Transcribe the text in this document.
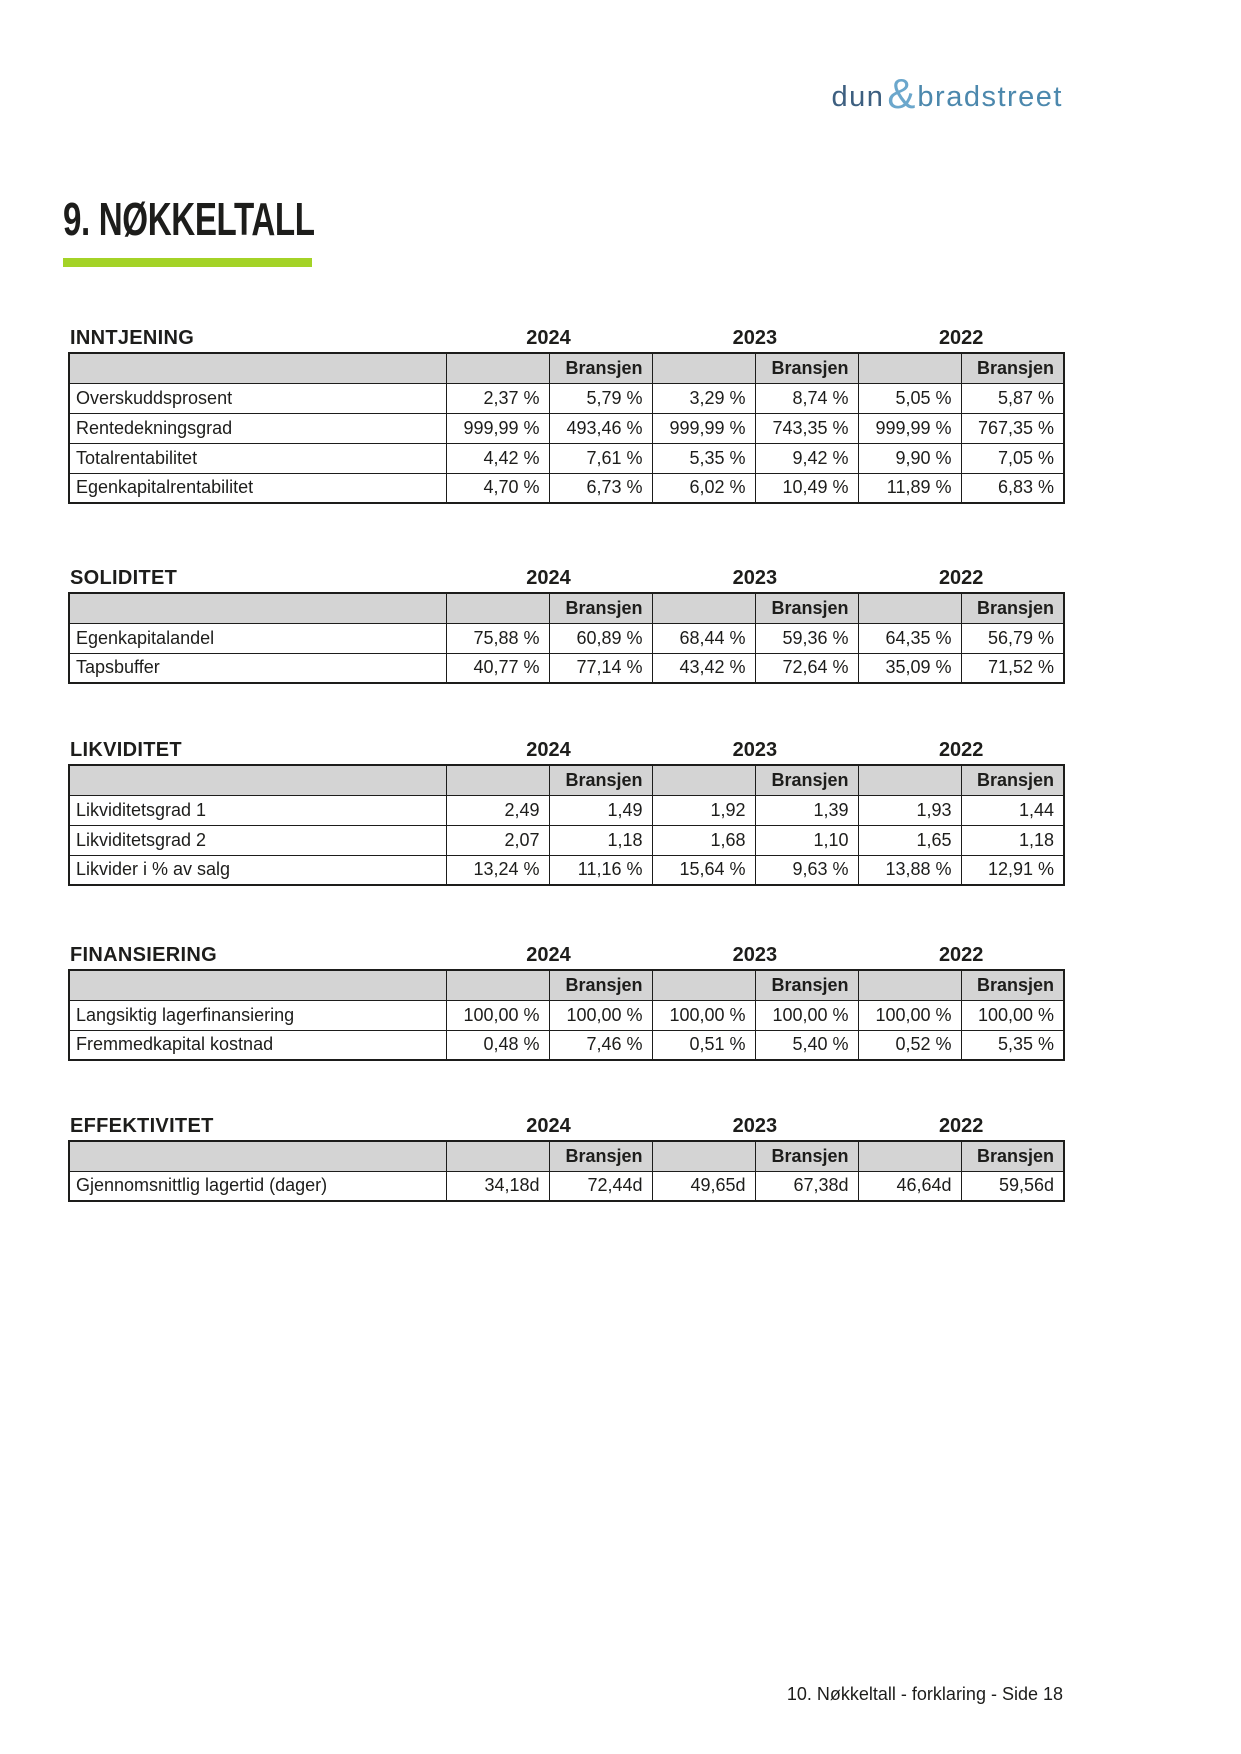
dun & bradstreet
9. NØKKELTALL
INNTJENING	2024	2023	2022
		Bransjen		Bransjen		Bransjen
Overskuddsprosent	2,37 %	5,79 %	3,29 %	8,74 %	5,05 %	5,87 %
Rentedekningsgrad	999,99 %	493,46 %	999,99 %	743,35 %	999,99 %	767,35 %
Totalrentabilitet	4,42 %	7,61 %	5,35 %	9,42 %	9,90 %	7,05 %
Egenkapitalrentabilitet	4,70 %	6,73 %	6,02 %	10,49 %	11,89 %	6,83 %
SOLIDITET	2024	2023	2022
		Bransjen		Bransjen		Bransjen
Egenkapitalandel	75,88 %	60,89 %	68,44 %	59,36 %	64,35 %	56,79 %
Tapsbuffer	40,77 %	77,14 %	43,42 %	72,64 %	35,09 %	71,52 %
LIKVIDITET	2024	2023	2022
		Bransjen		Bransjen		Bransjen
Likviditetsgrad 1	2,49	1,49	1,92	1,39	1,93	1,44
Likviditetsgrad 2	2,07	1,18	1,68	1,10	1,65	1,18
Likvider i % av salg	13,24 %	11,16 %	15,64 %	9,63 %	13,88 %	12,91 %
FINANSIERING	2024	2023	2022
		Bransjen		Bransjen		Bransjen
Langsiktig lagerfinansiering	100,00 %	100,00 %	100,00 %	100,00 %	100,00 %	100,00 %
Fremmedkapital kostnad	0,48 %	7,46 %	0,51 %	5,40 %	0,52 %	5,35 %
EFFEKTIVITET	2024	2023	2022
		Bransjen		Bransjen		Bransjen
Gjennomsnittlig lagertid (dager)	34,18d	72,44d	49,65d	67,38d	46,64d	59,56d
10. Nøkkeltall - forklaring - Side 18
